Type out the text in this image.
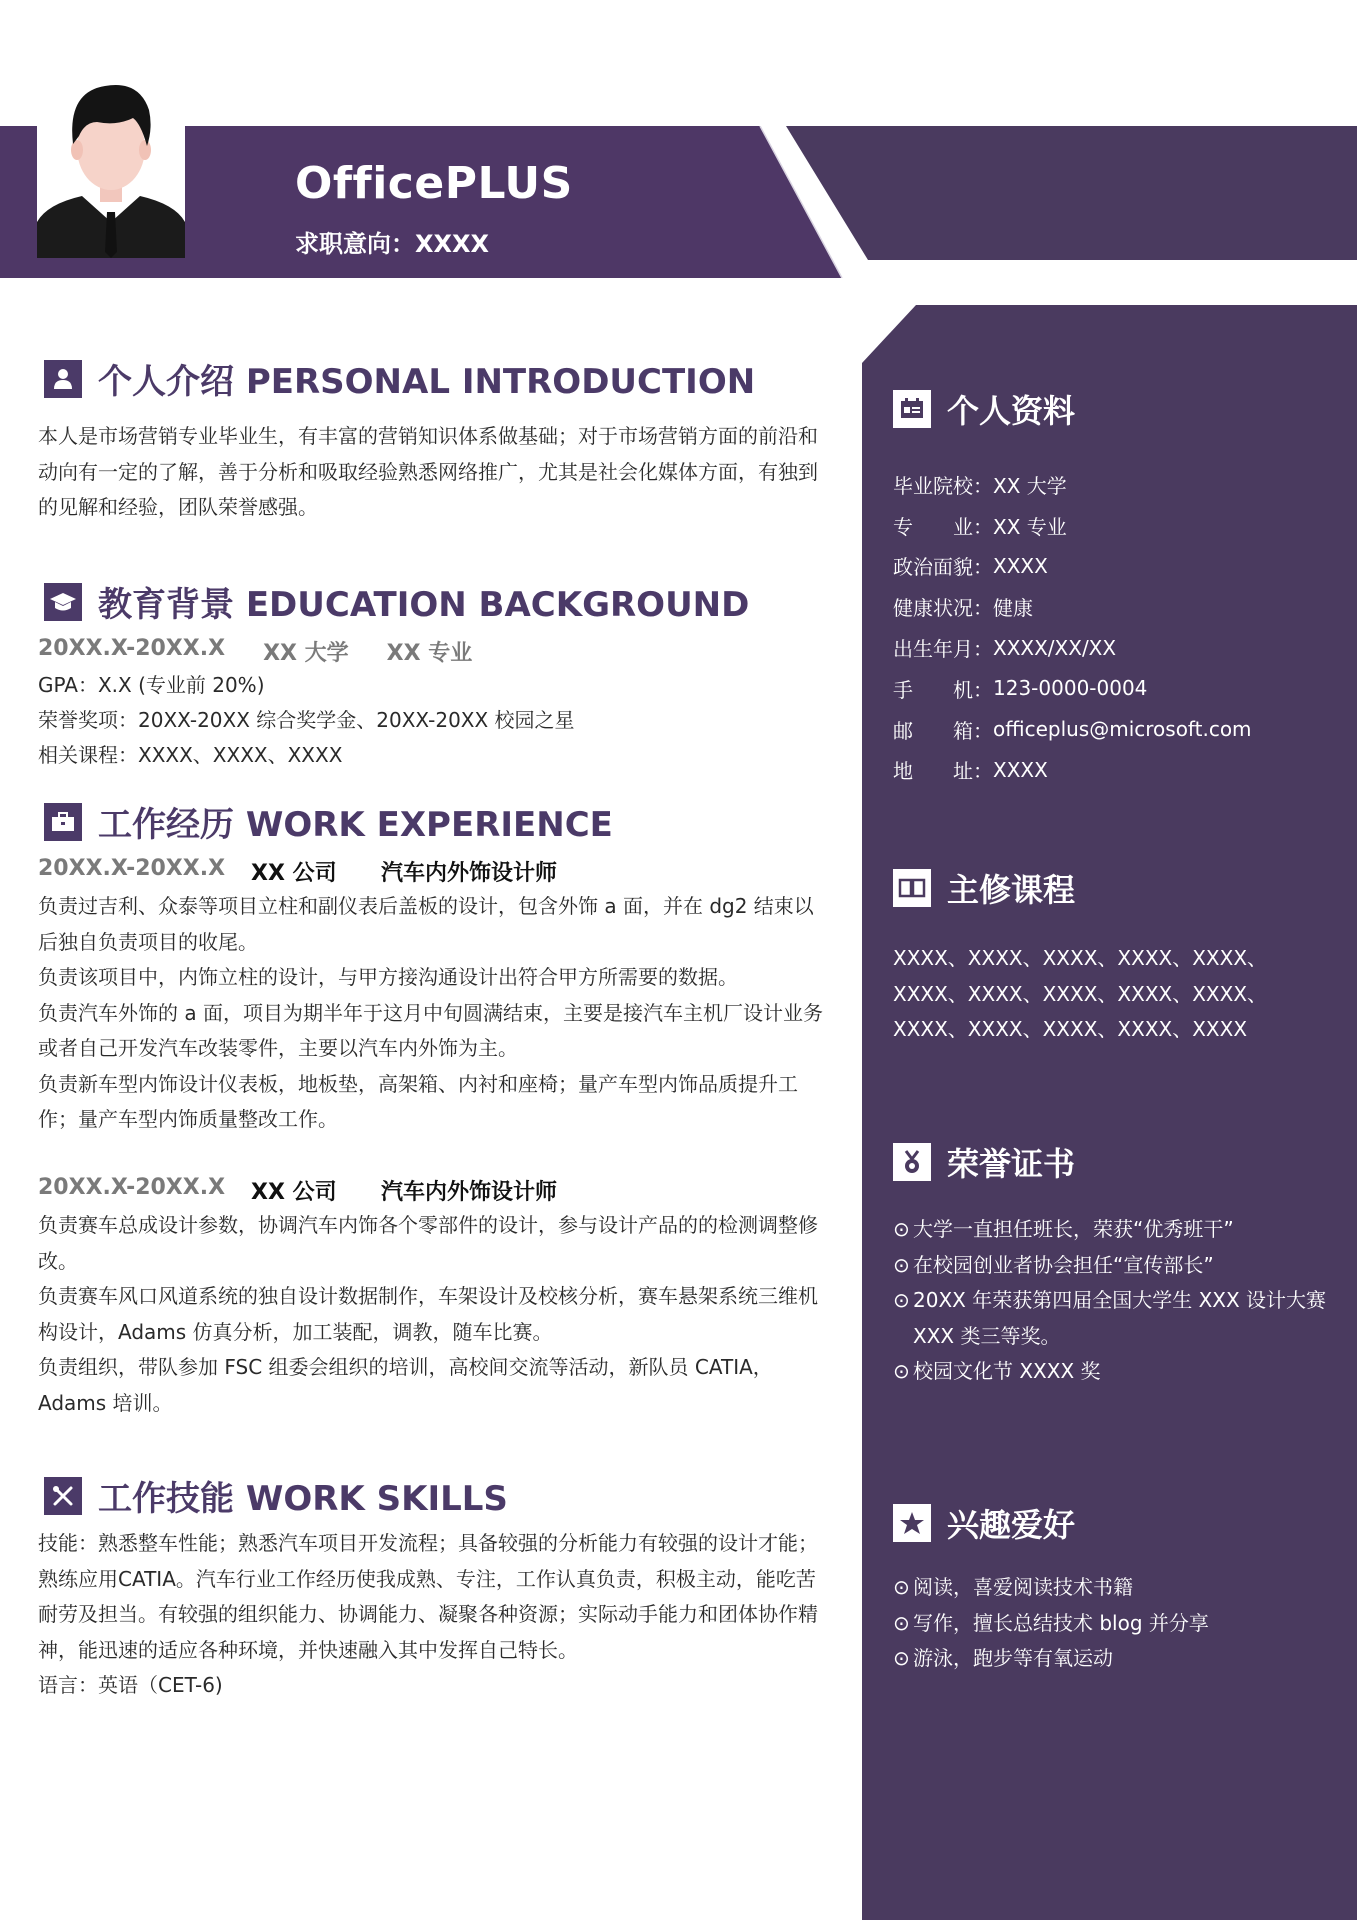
OfficePLUS
求职意向：XXXX
个人介绍 PERSONAL INTRODUCTION
本人是市场营销专业毕业生，有丰富的营销知识体系做基础；对于市场营销方面的前沿和动向有一定的了解，善于分析和吸取经验熟悉网络推广，尤其是社会化媒体方面，有独到的见解和经验，团队荣誉感强。
教育背景 EDUCATION BACKGROUND
20XX.X-20XX.X XX 大学 XX 专业
GPA：X.X (专业前 20%)
荣誉奖项：20XX-20XX 综合奖学金、20XX-20XX 校园之星
相关课程：XXXX、XXXX、XXXX
工作经历 WORK EXPERIENCE
20XX.X-20XX.X	XX 公司	汽车内外饰设计师

负责过吉利、众泰等项目立柱和副仪表后盖板的设计，包含外饰 a 面，并在 dg2 结束以后独自负责项目的收尾。

负责该项目中，内饰立柱的设计，与甲方接沟通设计出符合甲方所需要的数据。

负责汽车外饰的 a 面，项目为期半年于这月中旬圆满结束，主要是接汽车主机厂设计业务或者自己开发汽车改装零件，主要以汽车内外饰为主。

负责新车型内饰设计仪表板，地板垫，高架箱、内衬和座椅；量产车型内饰品质提升工作；量产车型内饰质量整改工作。

20XX.X-20XX.X	XX 公司	汽车内外饰设计师

负责赛车总成设计参数，协调汽车内饰各个零部件的设计，参与设计产品的的检测调整修改。

负责赛车风口风道系统的独自设计数据制作，车架设计及校核分析，赛车悬架系统三维机构设计，Adams 仿真分析，加工装配，调教，随车比赛。

负责组织，带队参加 FSC 组委会组织的培训，高校间交流等活动，新队员 CATIA，Adams 培训。

工作技能 WORK SKILLS

技能：熟悉整车性能；熟悉汽车项目开发流程；具备较强的分析能力有较强的设计才能；熟练应用CATIA。汽车行业工作经历使我成熟、专注，工作认真负责，积极主动，能吃苦耐劳及担当。有较强的组织能力、协调能力、凝聚各种资源；实际动手能力和团体协作精神，能迅速的适应各种环境，并快速融入其中发挥自己特长。

语言：英语（CET-6)

个人资料
毕业院校： XX 大学
专　　业： XX 专业
政治面貌： XXXX
健康状况： 健康
出生年月： XXXX/XX/XX
手　　机： 123-0000-0004
邮　　箱： officeplus@microsoft.com
地　　址： XXXX
主修课程
XXXX、XXXX、XXXX、XXXX、XXXX、XXXX、XXXX、XXXX、XXXX、XXXX、XXXX、XXXX、XXXX、XXXX、XXXX
荣誉证书
⊙ 大学一直担任班长，荣获“优秀班干”
⊙ 在校园创业者协会担任“宣传部长”
⊙ 20XX 年荣获第四届全国大学生 XXX 设计大赛 XXX 类三等奖。
⊙ 校园文化节 XXXX 奖
兴趣爱好
⊙ 阅读，喜爱阅读技术书籍
⊙ 写作，擅长总结技术 blog 并分享
⊙ 游泳，跑步等有氧运动
